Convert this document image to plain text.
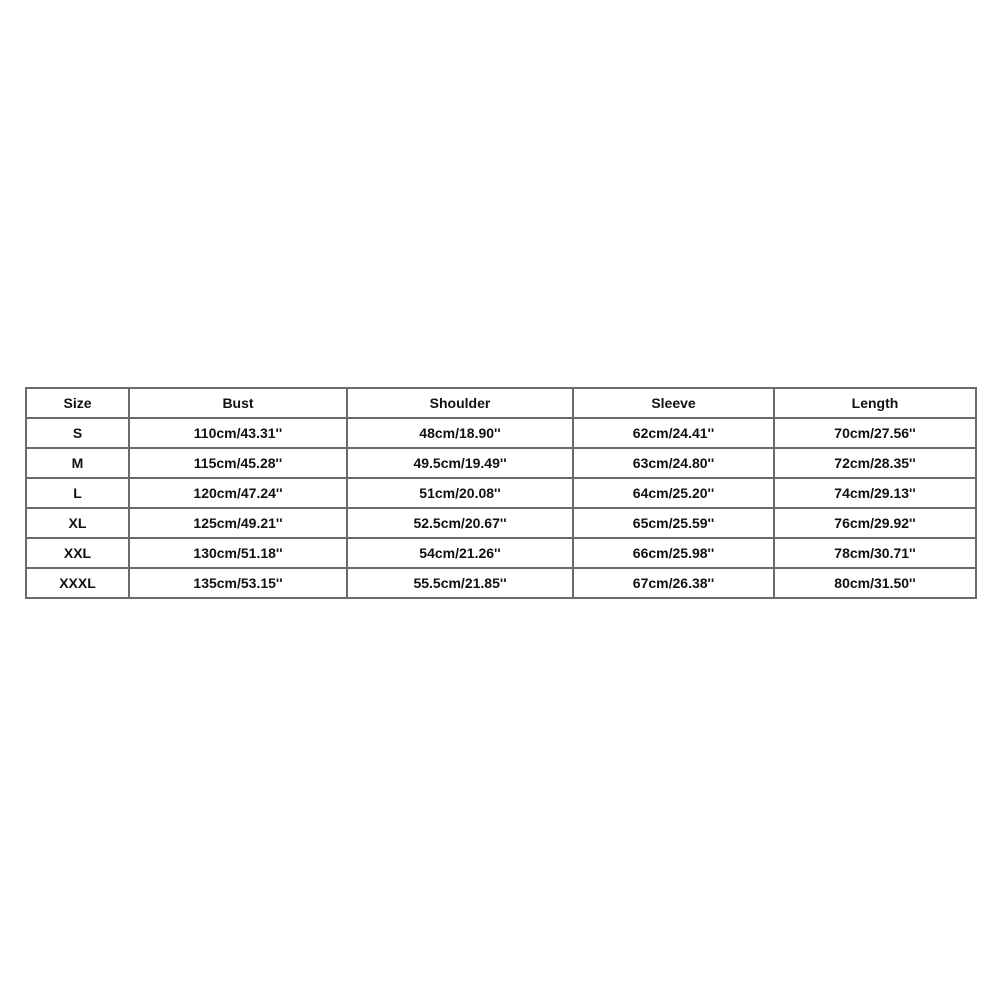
Size	Bust	Shoulder	Sleeve	Length
S	110cm/43.31''	48cm/18.90''	62cm/24.41''	70cm/27.56''
M	115cm/45.28''	49.5cm/19.49''	63cm/24.80''	72cm/28.35''
L	120cm/47.24''	51cm/20.08''	64cm/25.20''	74cm/29.13''
XL	125cm/49.21''	52.5cm/20.67''	65cm/25.59''	76cm/29.92''
XXL	130cm/51.18''	54cm/21.26''	66cm/25.98''	78cm/30.71''
XXXL	135cm/53.15''	55.5cm/21.85''	67cm/26.38''	80cm/31.50''
